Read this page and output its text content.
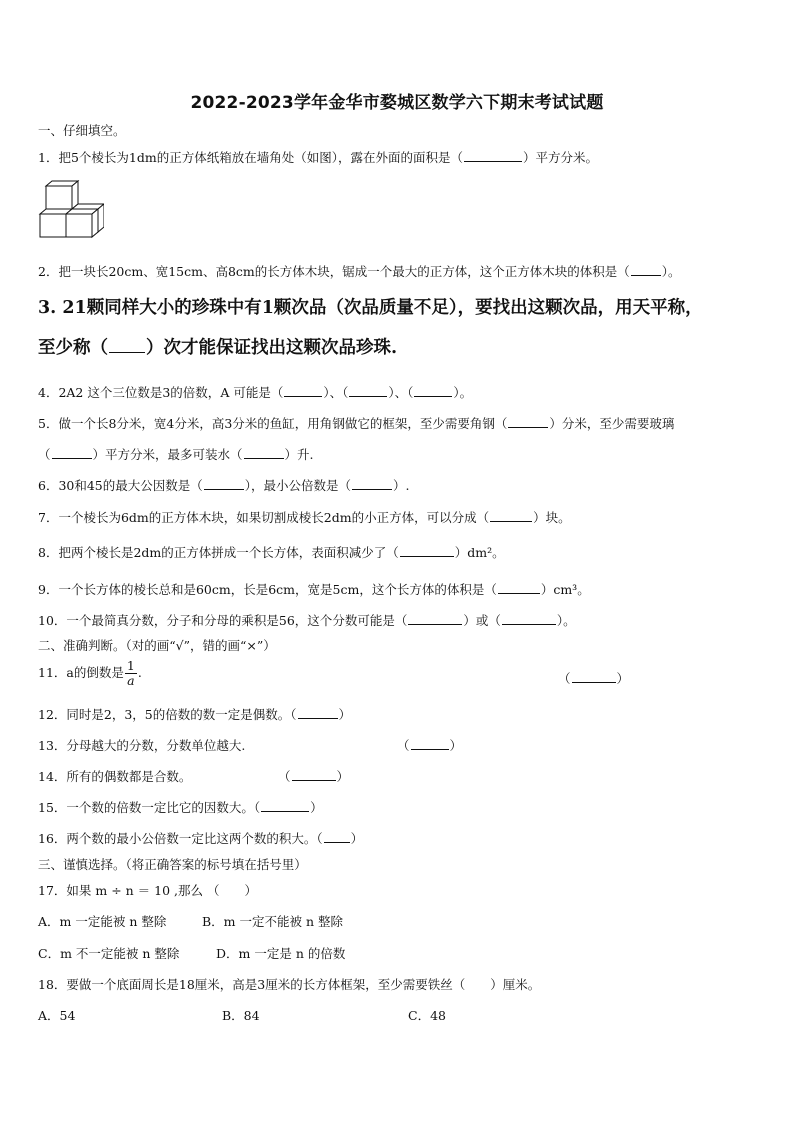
2022-2023学年金华市婺城区数学六下期末考试试题
一、仔细填空。
1．把5个棱长为1dm的正方体纸箱放在墙角处（如图），露在外面的面积是（	）平方分米。
2．把一块长20cm、宽15cm、高8cm的长方体木块，锯成一个最大的正方体，这个正方体木块的体积是（	）。
3. 21颗同样大小的珍珠中有1颗次品（次品质量不足），要找出这颗次品，用天平称，
至少称（ ）次才能保证找出这颗次品珍珠.
4．2A2 这个三位数是3的倍数，A 可能是（	）、（	）、（	）。
5．做一个长8分米，宽4分米，高3分米的鱼缸，用角钢做它的框架，至少需要角钢（	）分米，至少需要玻璃
（	）平方分米，最多可装水（	）升.
6．30和45的最大公因数是（	），最小公倍数是（	）.
7．一个棱长为6dm的正方体木块，如果切割成棱长2dm的小正方体，可以分成（	）块。
8．把两个棱长是2dm的正方体拼成一个长方体，表面积减少了（	）dm²。
9．一个长方体的棱长总和是60cm，长是6cm，宽是5cm，这个长方体的体积是（	）cm³。
10．一个最简真分数，分子和分母的乘积是56，这个分数可能是（	）或（	）。
二、准确判断。（对的画“√”，错的画“×”）
11．a的倒数是 $\frac{1}{a}$ .	（	）
12．同时是2，3，5的倍数的数一定是偶数。（	）
13．分母越大的分数，分数单位越大.	（	）
14．所有的偶数都是合数。	（	）
15．一个数的倍数一定比它的因数大。（	）
16．两个数的最小公倍数一定比这两个数的积大。（ ）
三、谨慎选择。（将正确答案的标号填在括号里）
17．如果 m ÷ n ＝ 10 ,那么 （　　）
A．m 一定能被 n 整除	B．m 一定不能被 n 整除
C．m 不一定能被 n 整除	D．m 一定是 n 的倍数
18．要做一个底面周长是18厘米，高是3厘米的长方体框架，至少需要铁丝（　　）厘米。
A．54	B．84	C．48
